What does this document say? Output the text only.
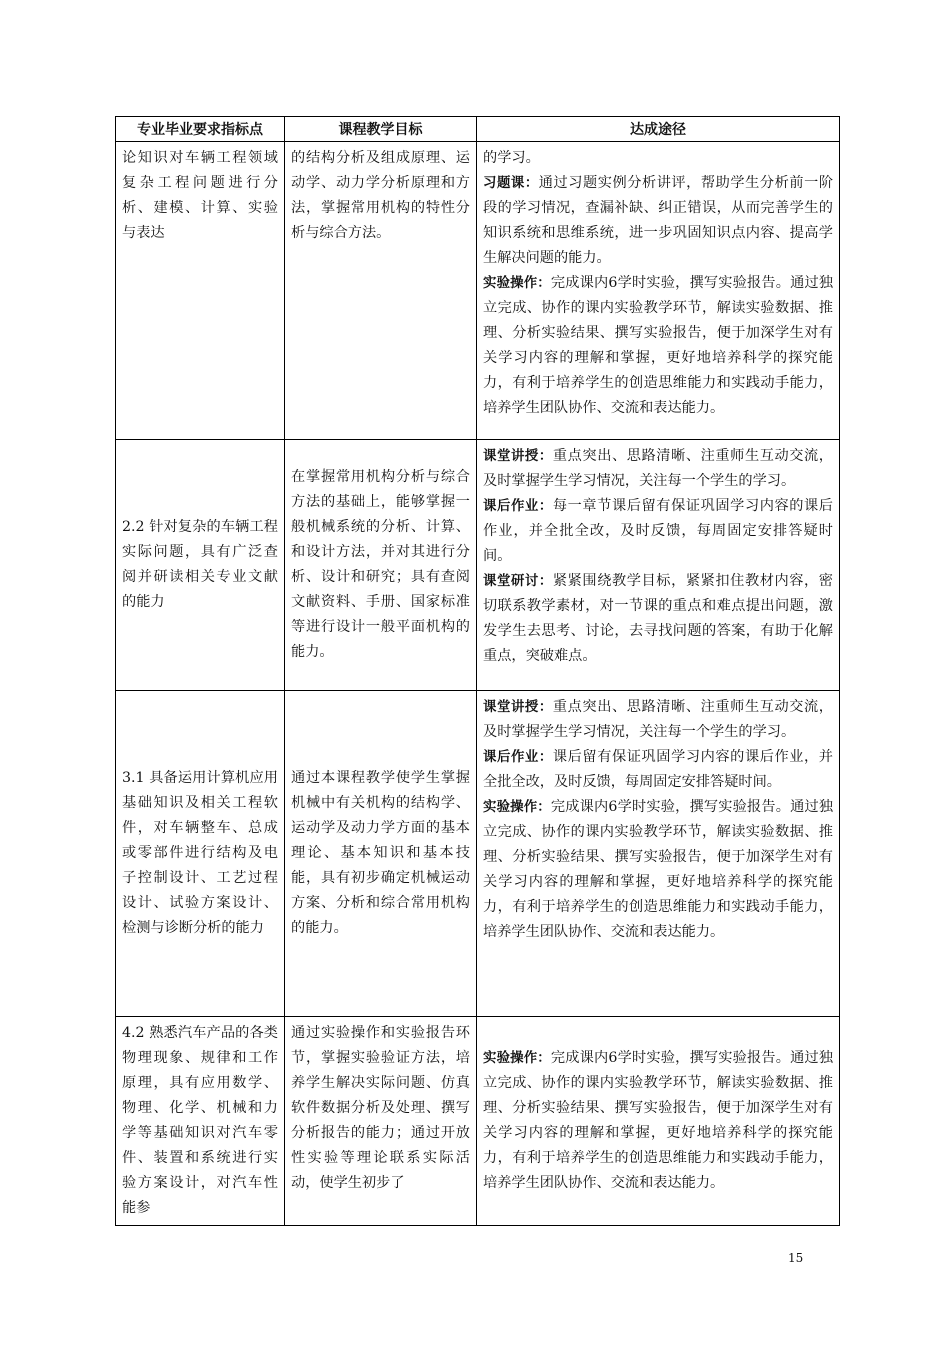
专业毕业要求指标点	课程教学目标	达成途径
论知识对车辆工程领域复杂工程问题进行分析、建模、计算、实验与表达	的结构分析及组成原理、运动学、动力学分析原理和方法，掌握常用机构的特性分析与综合方法。	的学习。

习题课：通过习题实例分析讲评，帮助学生分析前一阶段的学习情况，查漏补缺、纠正错误，从而完善学生的知识系统和思维系统，进一步巩固知识点内容、提高学生解决问题的能力。

实验操作：完成课内6学时实验，撰写实验报告。通过独立完成、协作的课内实验教学环节，解读实验数据、推理、分析实验结果、撰写实验报告，便于加深学生对有关学习内容的理解和掌握，更好地培养科学的探究能力，有利于培养学生的创造思维能力和实践动手能力，培养学生团队协作、交流和表达能力。

2.2 针对复杂的车辆工程实际问题，具有广泛查阅并研读相关专业文献的能力	在掌握常用机构分析与综合方法的基础上，能够掌握一般机械系统的分析、计算、和设计方法，并对其进行分析、设计和研究；具有查阅文献资料、手册、国家标准等进行设计一般平面机构的能力。	课堂讲授：重点突出、思路清晰、注重师生互动交流，及时掌握学生学习情况，关注每一个学生的学习。

课后作业：每一章节课后留有保证巩固学习内容的课后作业，并全批全改，及时反馈，每周固定安排答疑时间。

课堂研讨：紧紧围绕教学目标，紧紧扣住教材内容，密切联系教学素材，对一节课的重点和难点提出问题，激发学生去思考、讨论，去寻找问题的答案，有助于化解重点，突破难点。

3.1 具备运用计算机应用基础知识及相关工程软件，对车辆整车、总成或零部件进行结构及电子控制设计、工艺过程设计、试验方案设计、检测与诊断分析的能力	通过本课程教学使学生掌握机械中有关机构的结构学、运动学及动力学方面的基本理论、基本知识和基本技能，具有初步确定机械运动方案、分析和综合常用机构的能力。	课堂讲授：重点突出、思路清晰、注重师生互动交流，及时掌握学生学习情况，关注每一个学生的学习。

课后作业：课后留有保证巩固学习内容的课后作业，并全批全改，及时反馈，每周固定安排答疑时间。

实验操作：完成课内6学时实验，撰写实验报告。通过独立完成、协作的课内实验教学环节，解读实验数据、推理、分析实验结果、撰写实验报告，便于加深学生对有关学习内容的理解和掌握，更好地培养科学的探究能力，有利于培养学生的创造思维能力和实践动手能力，培养学生团队协作、交流和表达能力。

4.2 熟悉汽车产品的各类物理现象、规律和工作原理，具有应用数学、物理、化学、机械和力学等基础知识对汽车零件、装置和系统进行实验方案设计，对汽车性能参	通过实验操作和实验报告环节，掌握实验验证方法，培养学生解决实际问题、仿真软件数据分析及处理、撰写分析报告的能力；通过开放性实验等理论联系实际活动，使学生初步了	实验操作：完成课内6学时实验，撰写实验报告。通过独立完成、协作的课内实验教学环节，解读实验数据、推理、分析实验结果、撰写实验报告，便于加深学生对有关学习内容的理解和掌握，更好地培养科学的探究能力，有利于培养学生的创造思维能力和实践动手能力，培养学生团队协作、交流和表达能力。

15
